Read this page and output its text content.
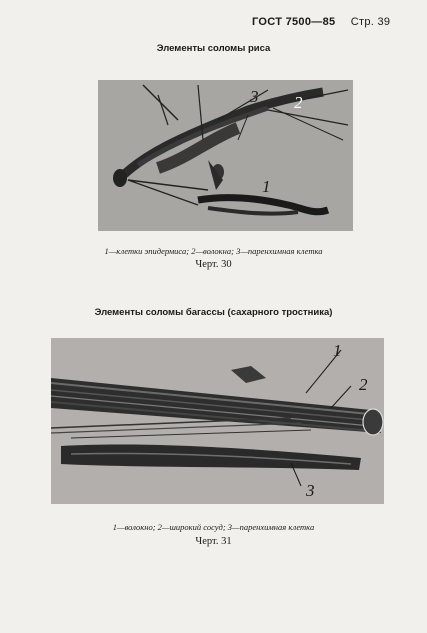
ГОСТ 7500—85 Стр. 39
Элементы соломы риса
3 2
1
1—клетки эпидермиса; 2—волокна; 3—паренхимная клетка
Черт. 30
Элементы соломы багассы (сахарного тростника)
1
2
3
1—волокно; 2—широкий сосуд; 3—паренхимная клетка
Черт. 31
